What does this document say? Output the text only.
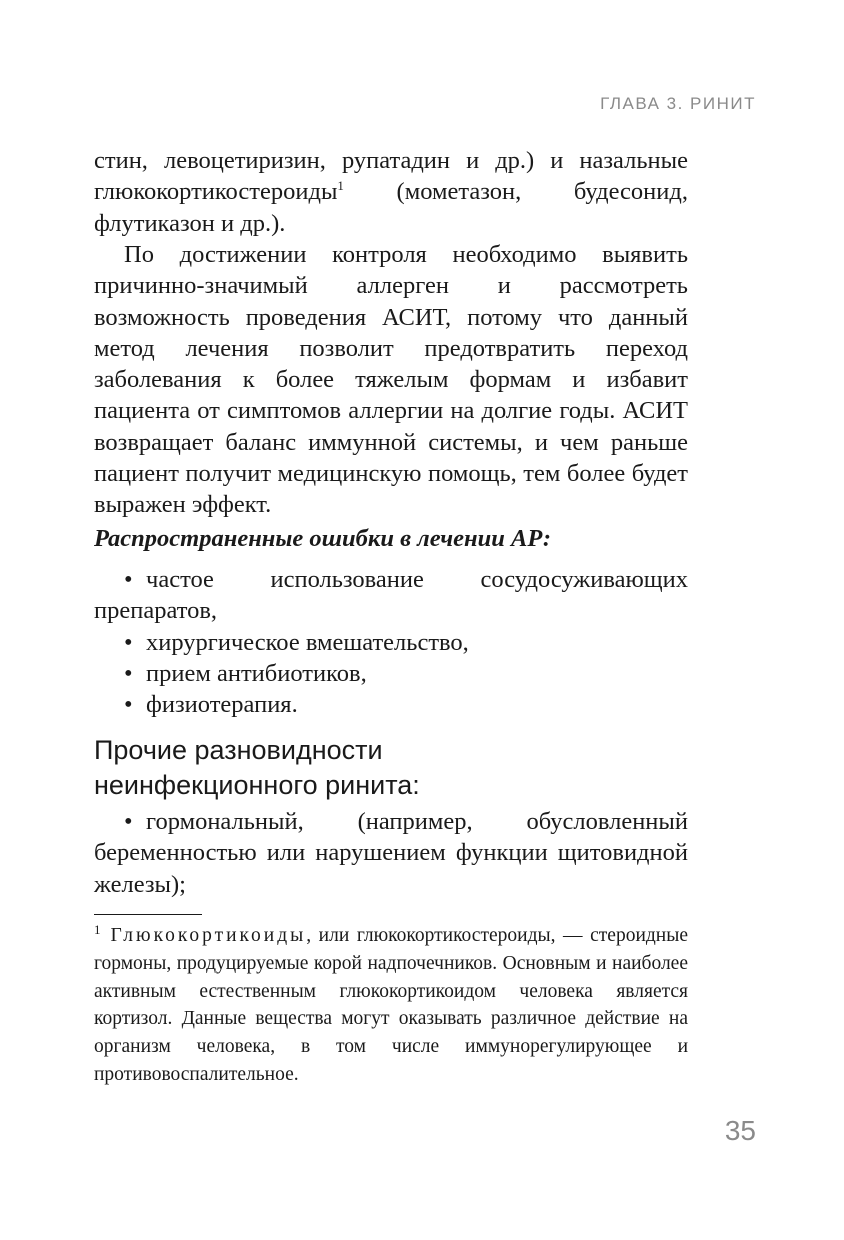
ГЛАВА 3. РИНИТ

стин, левоцетиризин, рупатадин и др.) и назальные глюкокортикостероиды$^1$ (мометазон, будесонид, флутиказон и др.).

По достижении контроля необходимо выявить причинно-значимый аллерген и рассмотреть возможность проведения АСИТ, потому что данный метод лечения позволит предотвратить переход заболевания к более тяжелым формам и избавит пациента от симптомов аллергии на долгие годы. АСИТ возвращает баланс иммунной системы, и чем раньше пациент получит медицинскую помощь, тем более будет выражен эффект.

Распространенные ошибки в лечении АР:

• частое использование сосудосуживающих препаратов,

• хирургическое вмешательство,

• прием антибиотиков,

• физиотерапия.

Прочие разновидности
неинфекционного ринита:

• гормональный, (например, обусловленный беременностью или нарушением функции щитовидной железы);

$^1$ Глюкокортикоиды, или глюкокортикостероиды, — стероидные гормоны, продуцируемые корой надпочечников. Основным и наиболее активным естественным глюкокортикоидом человека является кортизол. Данные вещества могут оказывать различное действие на организм человека, в том числе иммунорегулирующее и противовоспалительное.
35
